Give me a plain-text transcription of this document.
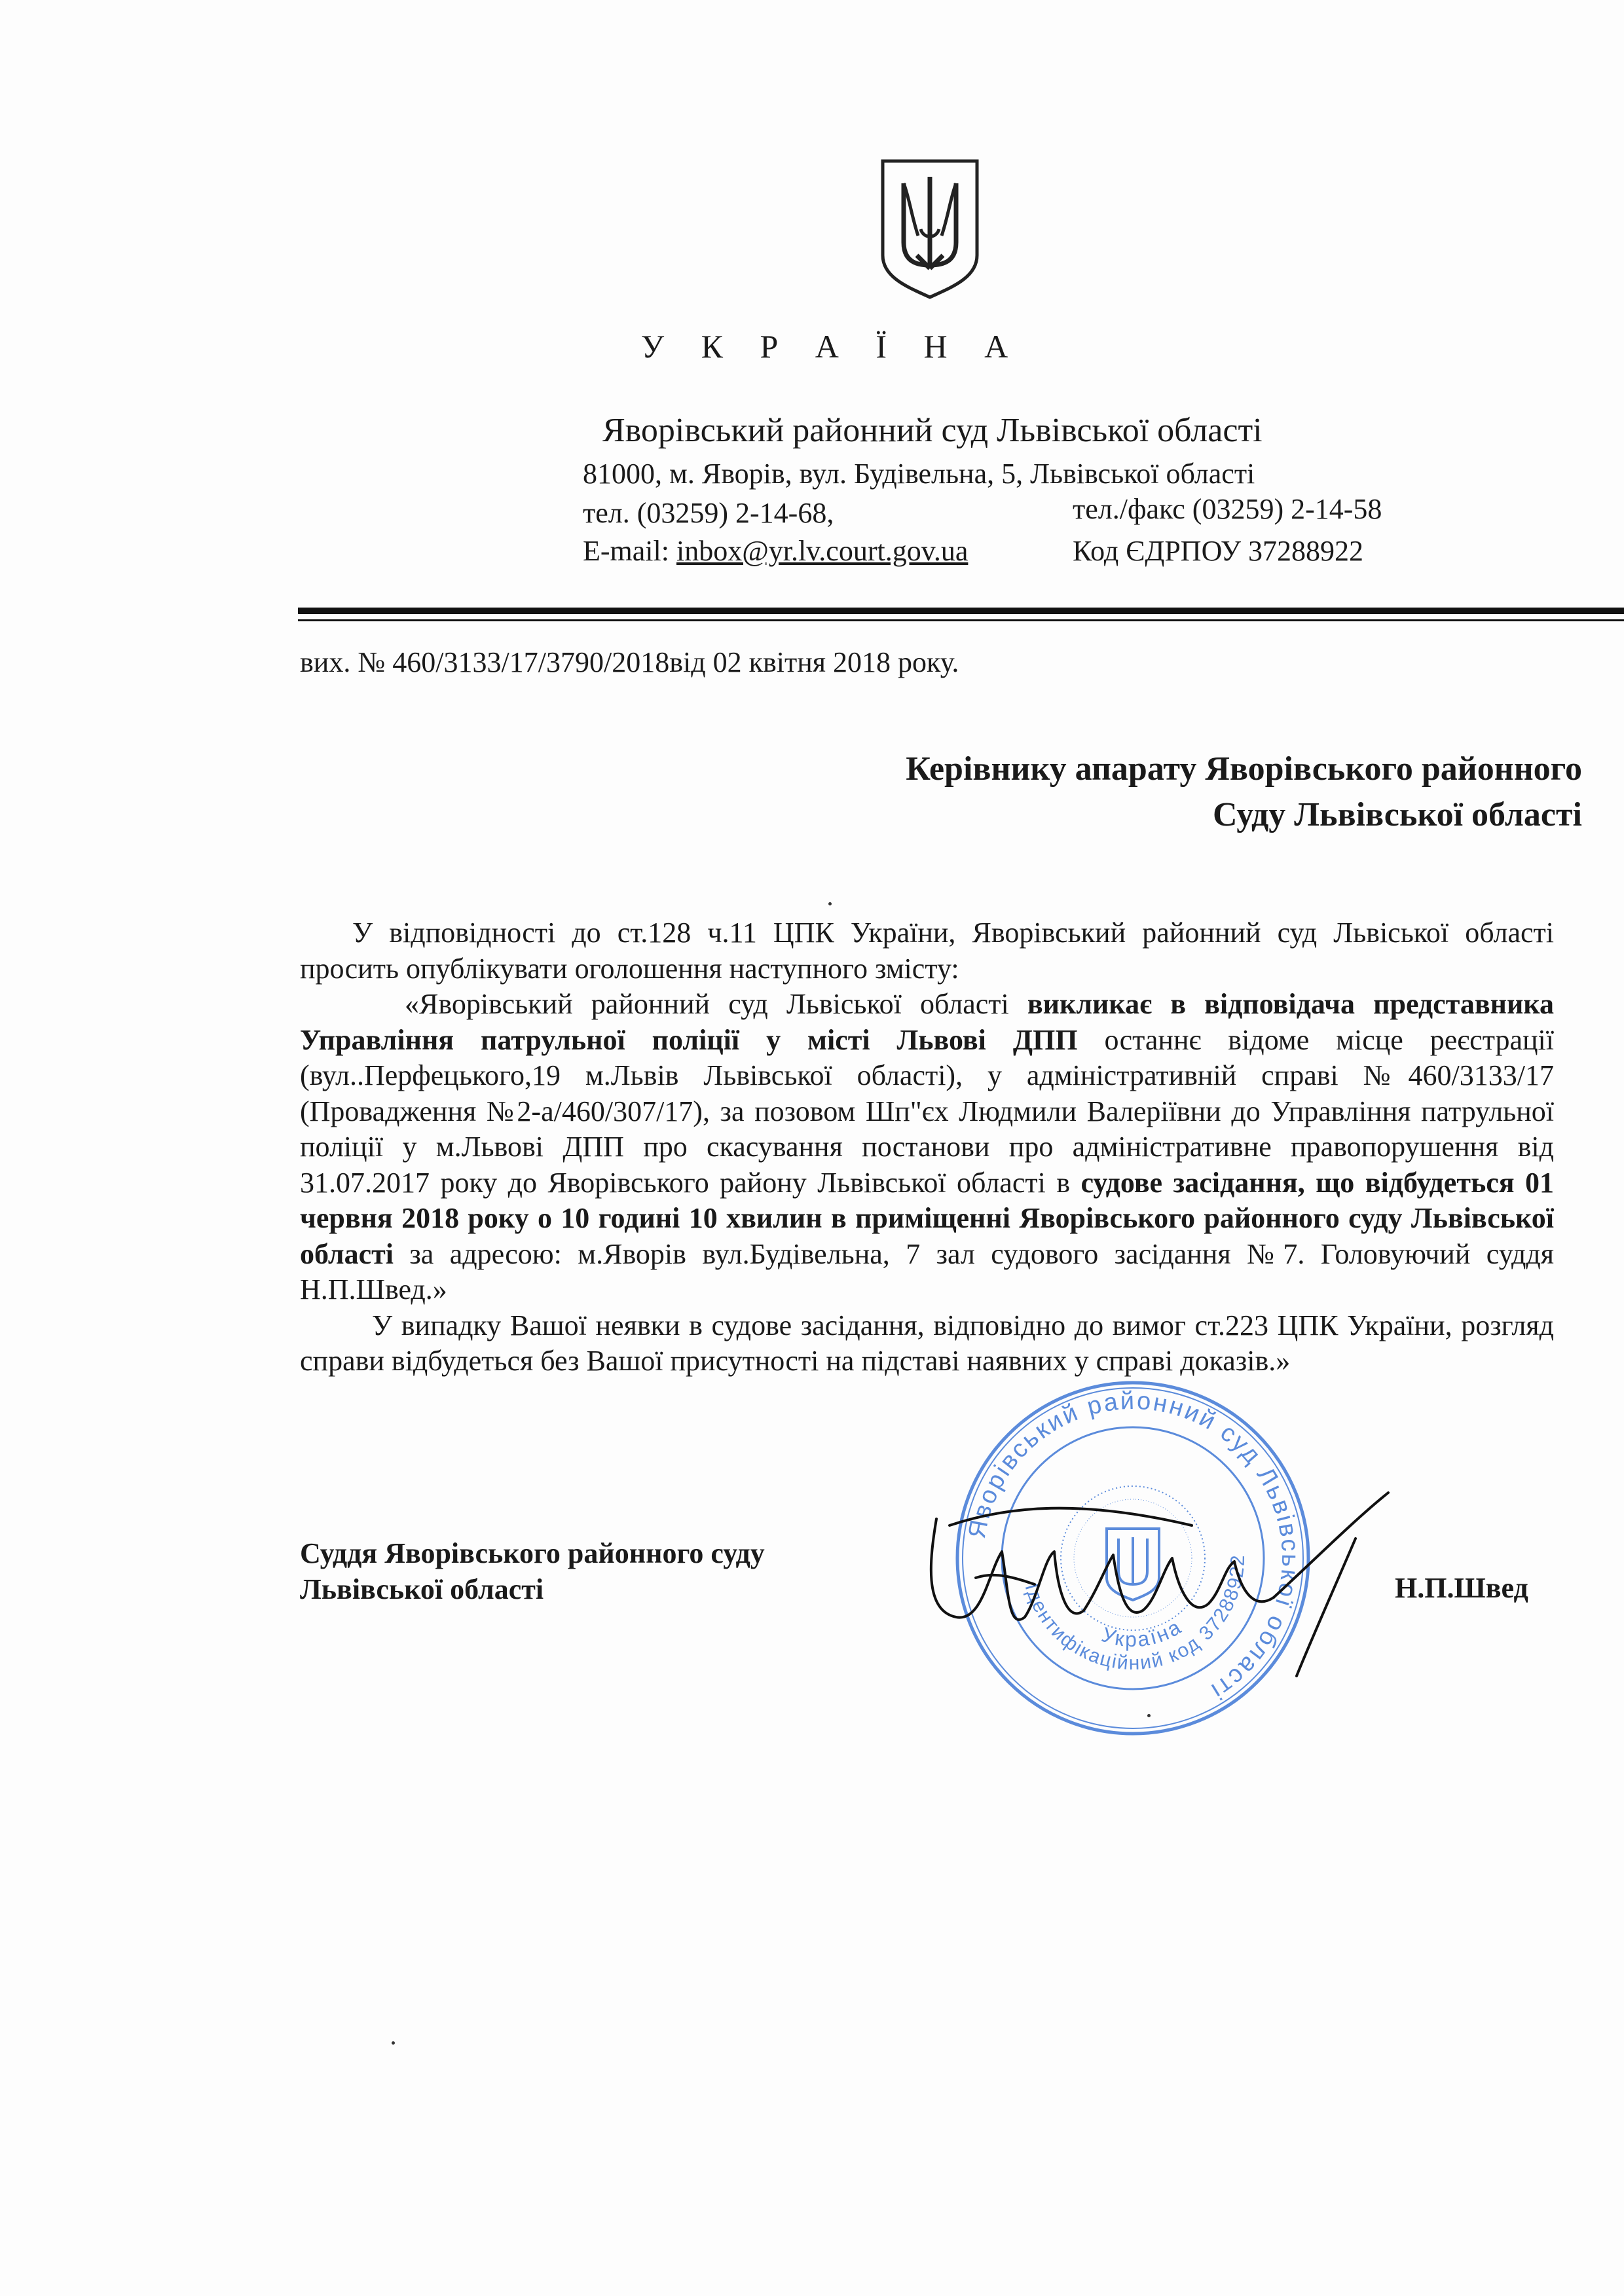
У К Р А Ї Н А
Яворівський районний суд Львівської області
81000, м. Яворів, вул. Будівельна, 5, Львівської області
тел. (03259) 2-14-68,	тел./факс (03259) 2-14-58
E-mail: inbox@yr.lv.court.gov.ua	Код ЄДРПОУ 37288922
вих. № 460/3133/17/3790/2018від 02 квітня 2018 року.
Керівнику апарату Яворівського районного
Суду Львівської області

У відповідності до ст.128 ч.11 ЦПК України, Яворівський районний суд Львіської області просить опублікувати оголошення наступного змісту:

«Яворівський районний суд Львіської області викликає в відповідача представника Управління патрульної поліції у місті Львові ДПП останнє відоме місце реєстрації (вул..Перфецького,19 м.Львів Львівської області), у адміністративній справі №460/3133/17 (Провадження №2-а/460/307/17), за позовом Шп"єх Людмили Валеріївни до Управління патрульної поліції у м.Львові ДПП про скасування постанови про адміністративне правопорушення від 31.07.2017 року до Яворівського району Львівської області в судове засідання, що відбудеться 01 червня 2018 року о 10 годині 10 хвилин в приміщенні Яворівського районного суду Львівської області за адресою: м.Яворів вул.Будівельна, 7 зал судового засідання №7. Головуючий суддя Н.П.Швед.»

У випадку Вашої неявки в судове засідання, відповідно до вимог ст.223 ЦПК України, розгляд справи відбудеться без Вашої присутності на підставі наявних у справі доказів.»

Яворівський районний суд Львівської області
Ідентифікаційний код 37288922
Україна
Суддя Яворівського районного суду
Львівської області	Н.П.Швед
